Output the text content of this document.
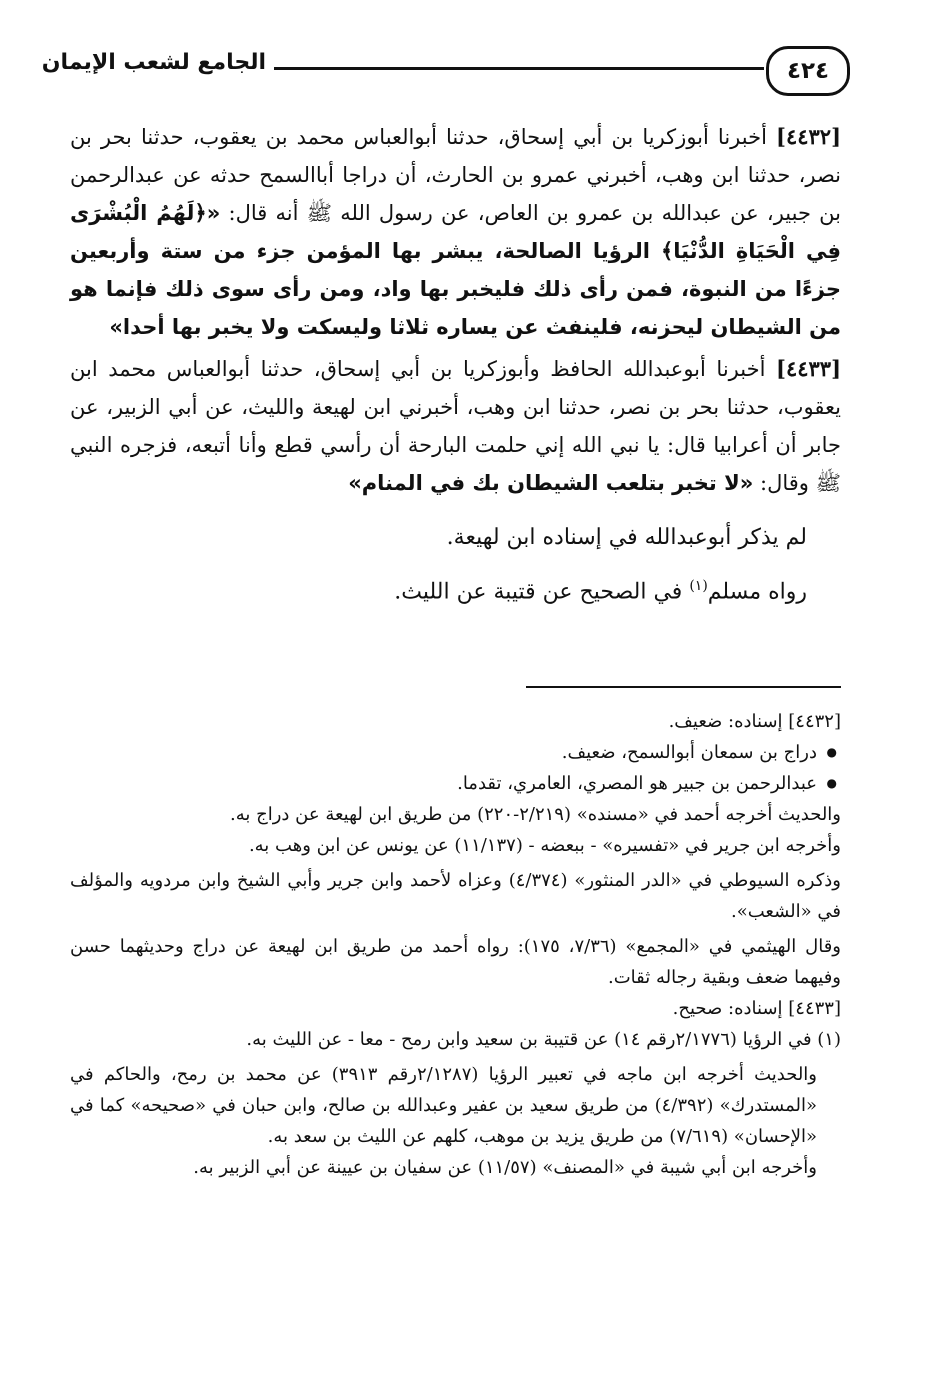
٤٢٤
الجامع لشعب الإيمان

[٤٤٣٢] أخبرنا أبوزكريا بن أبي إسحاق، حدثنا أبوالعباس محمد بن يعقوب، حدثنا بحر بن نصر، حدثنا ابن وهب، أخبرني عمرو بن الحارث، أن دراجا أباالسمح حدثه عن عبدالرحمن بن جبير، عن عبدالله بن عمرو بن العاص، عن رسول الله ﷺ أنه قال: «﴿لَهُمُ الْبُشْرَى فِي الْحَيَاةِ الدُّنْيَا﴾ الرؤيا الصالحة، يبشر بها المؤمن جزء من ستة وأربعين جزءًا من النبوة، فمن رأى ذلك فليخبر بها واد، ومن رأى سوى ذلك فإنما هو من الشيطان ليحزنه، فلينفث عن يساره ثلاثا وليسكت ولا يخبر بها أحدا»

[٤٤٣٣] أخبرنا أبوعبدالله الحافظ وأبوزكريا بن أبي إسحاق، حدثنا أبوالعباس محمد ابن يعقوب، حدثنا بحر بن نصر، حدثنا ابن وهب، أخبرني ابن لهيعة والليث، عن أبي الزبير، عن جابر أن أعرابيا قال: يا نبي الله إني حلمت البارحة أن رأسي قطع وأنا أتبعه، فزجره النبي ﷺ وقال: «لا تخبر بتلعب الشيطان بك في المنام»

لم يذكر أبوعبدالله في إسناده ابن لهيعة.

رواه مسلم$^{(١)}$ في الصحيح عن قتيبة عن الليث.

[٤٤٣٢] إسناده: ضعيف.

● دراج بن سمعان أبوالسمح، ضعيف.

● عبدالرحمن بن جبير هو المصري، العامري، تقدما.

والحديث أخرجه أحمد في «مسنده» (٢/٢١٩-٢٢٠) من طريق ابن لهيعة عن دراج به.

وأخرجه ابن جرير في «تفسيره» - ببعضه - (١١/١٣٧) عن يونس عن ابن وهب به.

وذكره السيوطي في «الدر المنثور» (٤/٣٧٤) وعزاه لأحمد وابن جرير وأبي الشيخ وابن مردويه والمؤلف في «الشعب».

وقال الهيثمي في «المجمع» (٧/٣٦، ١٧٥): رواه أحمد من طريق ابن لهيعة عن دراج وحديثهما حسن وفيهما ضعف وبقية رجاله ثقات.

[٤٤٣٣] إسناده: صحيح.

(١) في الرؤيا (٢/١٧٧٦رقم ١٤) عن قتيبة بن سعيد وابن رمح - معا - عن الليث به.

والحديث أخرجه ابن ماجه في تعبير الرؤيا (٢/١٢٨٧رقم ٣٩١٣) عن محمد بن رمح، والحاكم في «المستدرك» (٤/٣٩٢) من طريق سعيد بن عفير وعبدالله بن صالح، وابن حبان في «صحيحه» كما في «الإحسان» (٧/٦١٩) من طريق يزيد بن موهب، كلهم عن الليث بن سعد به.

وأخرجه ابن أبي شيبة في «المصنف» (١١/٥٧) عن سفيان بن عيينة عن أبي الزبير به.
